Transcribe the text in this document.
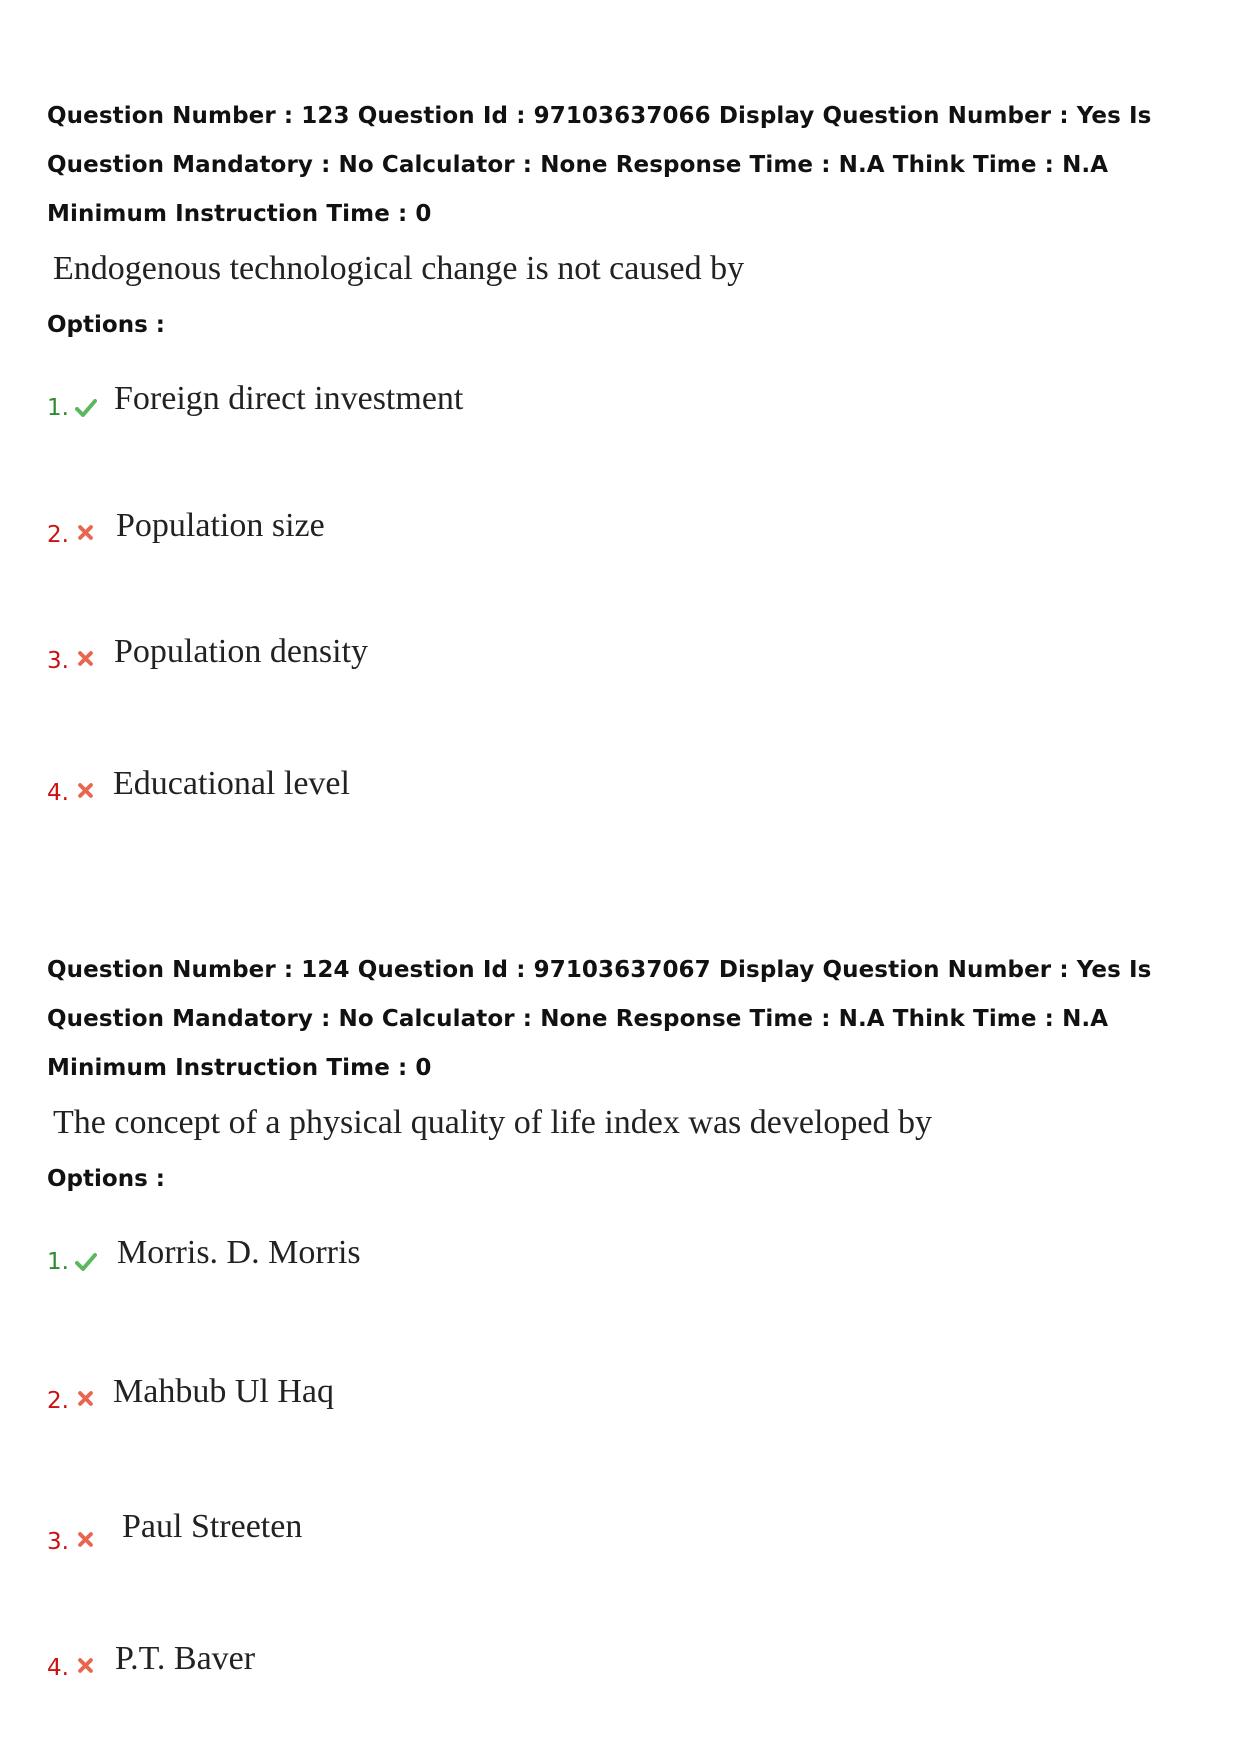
Question Number : 123 Question Id : 97103637066 Display Question Number : Yes Is Question Mandatory : No Calculator : None Response Time : N.A Think Time : N.A Minimum Instruction Time : 0

Endogenous technological change is not caused by

Options :

1. Foreign direct investment
2. Population size
3. Population density
4. Educational level

Question Number : 124 Question Id : 97103637067 Display Question Number : Yes Is Question Mandatory : No Calculator : None Response Time : N.A Think Time : N.A Minimum Instruction Time : 0

The concept of a physical quality of life index was developed by

Options :

1. Morris. D. Morris
2. Mahbub Ul Haq
3. Paul Streeten
4. P.T. Baver
